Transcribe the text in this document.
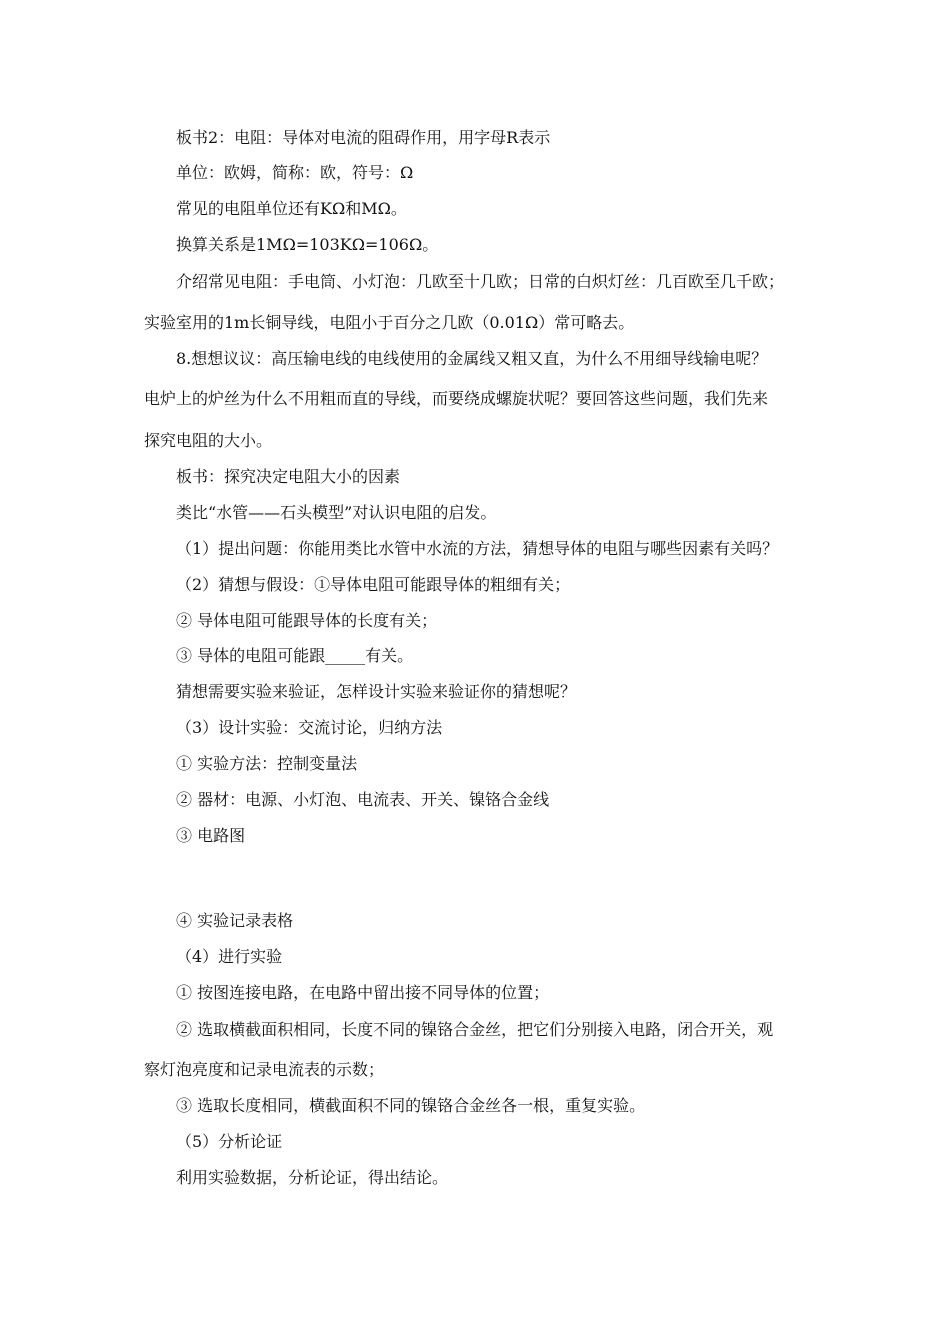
板书2：电阻：导体对电流的阻碍作用，用字母R表示
单位：欧姆，简称：欧，符号：Ω
常见的电阻单位还有KΩ和MΩ。
换算关系是1MΩ=103KΩ=106Ω。
介绍常见电阻：手电筒、小灯泡：几欧至十几欧；日常的白炽灯丝：几百欧至几千欧；
实验室用的1m长铜导线，电阻小于百分之几欧（0.01Ω）常可略去。
8.想想议议：高压输电线的电线使用的金属线又粗又直，为什么不用细导线输电呢？
电炉上的炉丝为什么不用粗而直的导线，而要绕成螺旋状呢？要回答这些问题，我们先来
探究电阻的大小。
板书：探究决定电阻大小的因素
类比“水管——石头模型”对认识电阻的启发。
（1）提出问题：你能用类比水管中水流的方法，猜想导体的电阻与哪些因素有关吗？
（2）猜想与假设：①导体电阻可能跟导体的粗细有关；
② 导体电阻可能跟导体的长度有关；
③ 导体的电阻可能跟_____有关。
猜想需要实验来验证，怎样设计实验来验证你的猜想呢？
（3）设计实验：交流讨论，归纳方法
① 实验方法：控制变量法
② 器材：电源、小灯泡、电流表、开关、镍铬合金线
③ 电路图
④ 实验记录表格
（4）进行实验
① 按图连接电路，在电路中留出接不同导体的位置；
② 选取横截面积相同，长度不同的镍铬合金丝，把它们分别接入电路，闭合开关，观
察灯泡亮度和记录电流表的示数；
③ 选取长度相同，横截面积不同的镍铬合金丝各一根，重复实验。
（5）分析论证
利用实验数据，分析论证，得出结论。
